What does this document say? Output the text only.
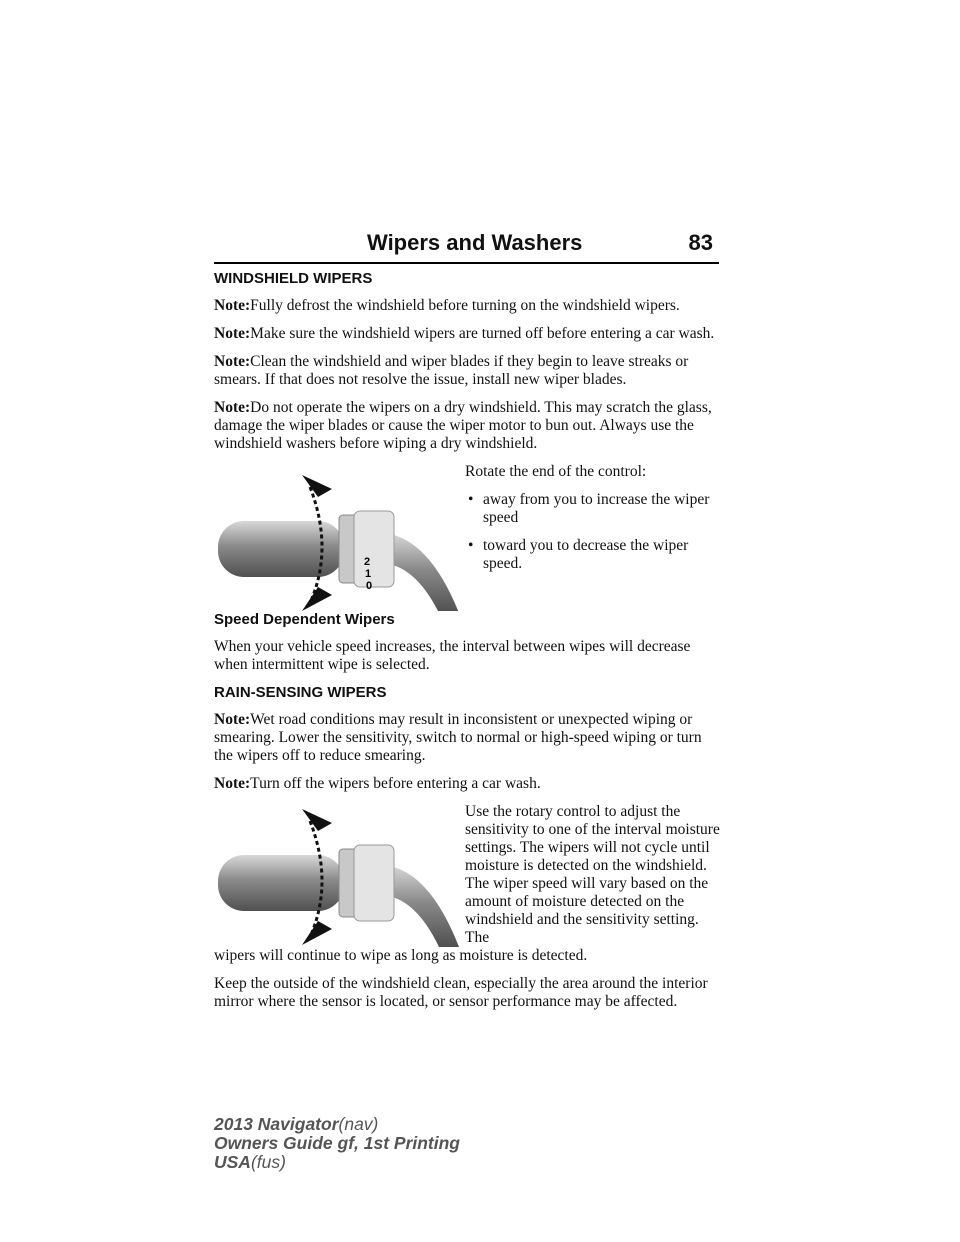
Wipers and Washers	83
WINDSHIELD WIPERS

Note:Fully defrost the windshield before turning on the windshield wipers.

Note:Make sure the windshield wipers are turned off before entering a car wash.

Note:Clean the windshield and wiper blades if they begin to leave streaks or smears. If that does not resolve the issue, install new wiper blades.

Note:Do not operate the wipers on a dry windshield. This may scratch the glass, damage the wiper blades or cause the wiper motor to bun out. Always use the windshield washers before wiping a dry windshield.

2
1
0

Rotate the end of the control:

• away from you to increase the wiper speed
• toward you to decrease the wiper speed.
Speed Dependent Wipers

When your vehicle speed increases, the interval between wipes will decrease when intermittent wipe is selected.

RAIN-SENSING WIPERS

Note:Wet road conditions may result in inconsistent or unexpected wiping or smearing. Lower the sensitivity, switch to normal or high-speed wiping or turn the wipers off to reduce smearing.

Note:Turn off the wipers before entering a car wash.

Use the rotary control to adjust the sensitivity to one of the interval moisture settings. The wipers will not cycle until moisture is detected on the windshield. The wiper speed will vary based on the amount of moisture detected on the windshield and the sensitivity setting. The

wipers will continue to wipe as long as moisture is detected.

Keep the outside of the windshield clean, especially the area around the interior mirror where the sensor is located, or sensor performance may be affected.

2013 Navigator(nav)
Owners Guide gf, 1st Printing
USA(fus)
